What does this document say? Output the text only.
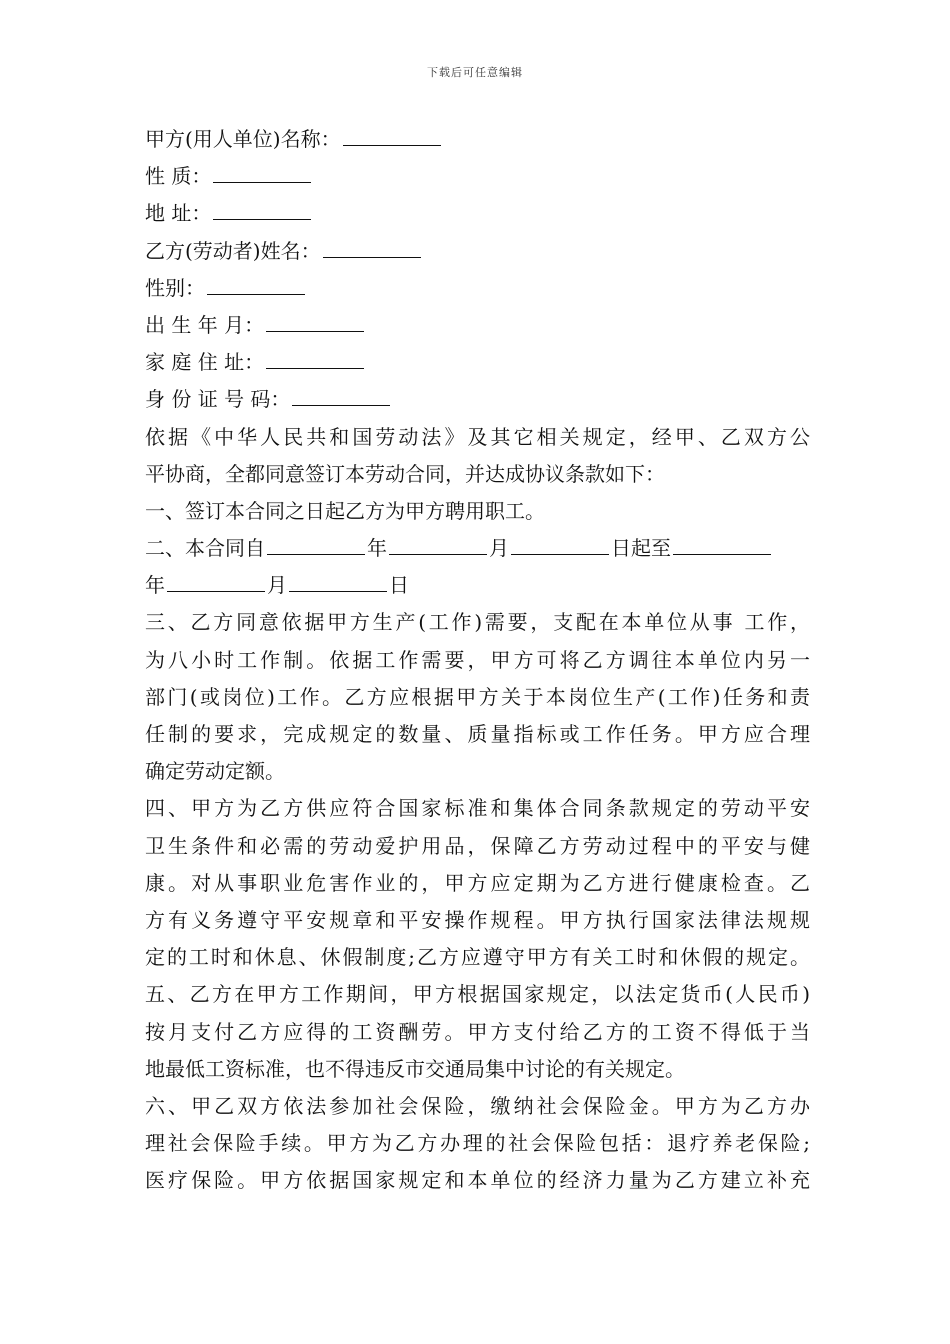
下载后可任意编辑
甲方(用人单位)名称：
性 质：
地 址：
乙方(劳动者)姓名：
性别：
出 生 年 月：
家 庭 住 址：
身 份 证 号 码：
依据《中华人民共和国劳动法》及其它相关规定，经甲、乙双方公
平协商，全都同意签订本劳动合同，并达成协议条款如下：
一、签订本合同之日起乙方为甲方聘用职工。
二、本合同自	年	月	日起至
年	月	日
三、乙方同意依据甲方生产(工作)需要，支配在本单位从事 工作，
为八小时工作制。依据工作需要，甲方可将乙方调往本单位内另一
部门(或岗位)工作。乙方应根据甲方关于本岗位生产(工作)任务和责
任制的要求，完成规定的数量、质量指标或工作任务。甲方应合理
确定劳动定额。
四、甲方为乙方供应符合国家标准和集体合同条款规定的劳动平安
卫生条件和必需的劳动爱护用品，保障乙方劳动过程中的平安与健
康。对从事职业危害作业的，甲方应定期为乙方进行健康检查。乙
方有义务遵守平安规章和平安操作规程。甲方执行国家法律法规规
定的工时和休息、休假制度;乙方应遵守甲方有关工时和休假的规定。
五、乙方在甲方工作期间，甲方根据国家规定，以法定货币(人民币)
按月支付乙方应得的工资酬劳。甲方支付给乙方的工资不得低于当
地最低工资标准，也不得违反市交通局集中讨论的有关规定。
六、甲乙双方依法参加社会保险，缴纳社会保险金。甲方为乙方办
理社会保险手续。甲方为乙方办理的社会保险包括：退疗养老保险;
医疗保险。甲方依据国家规定和本单位的经济力量为乙方建立补充
